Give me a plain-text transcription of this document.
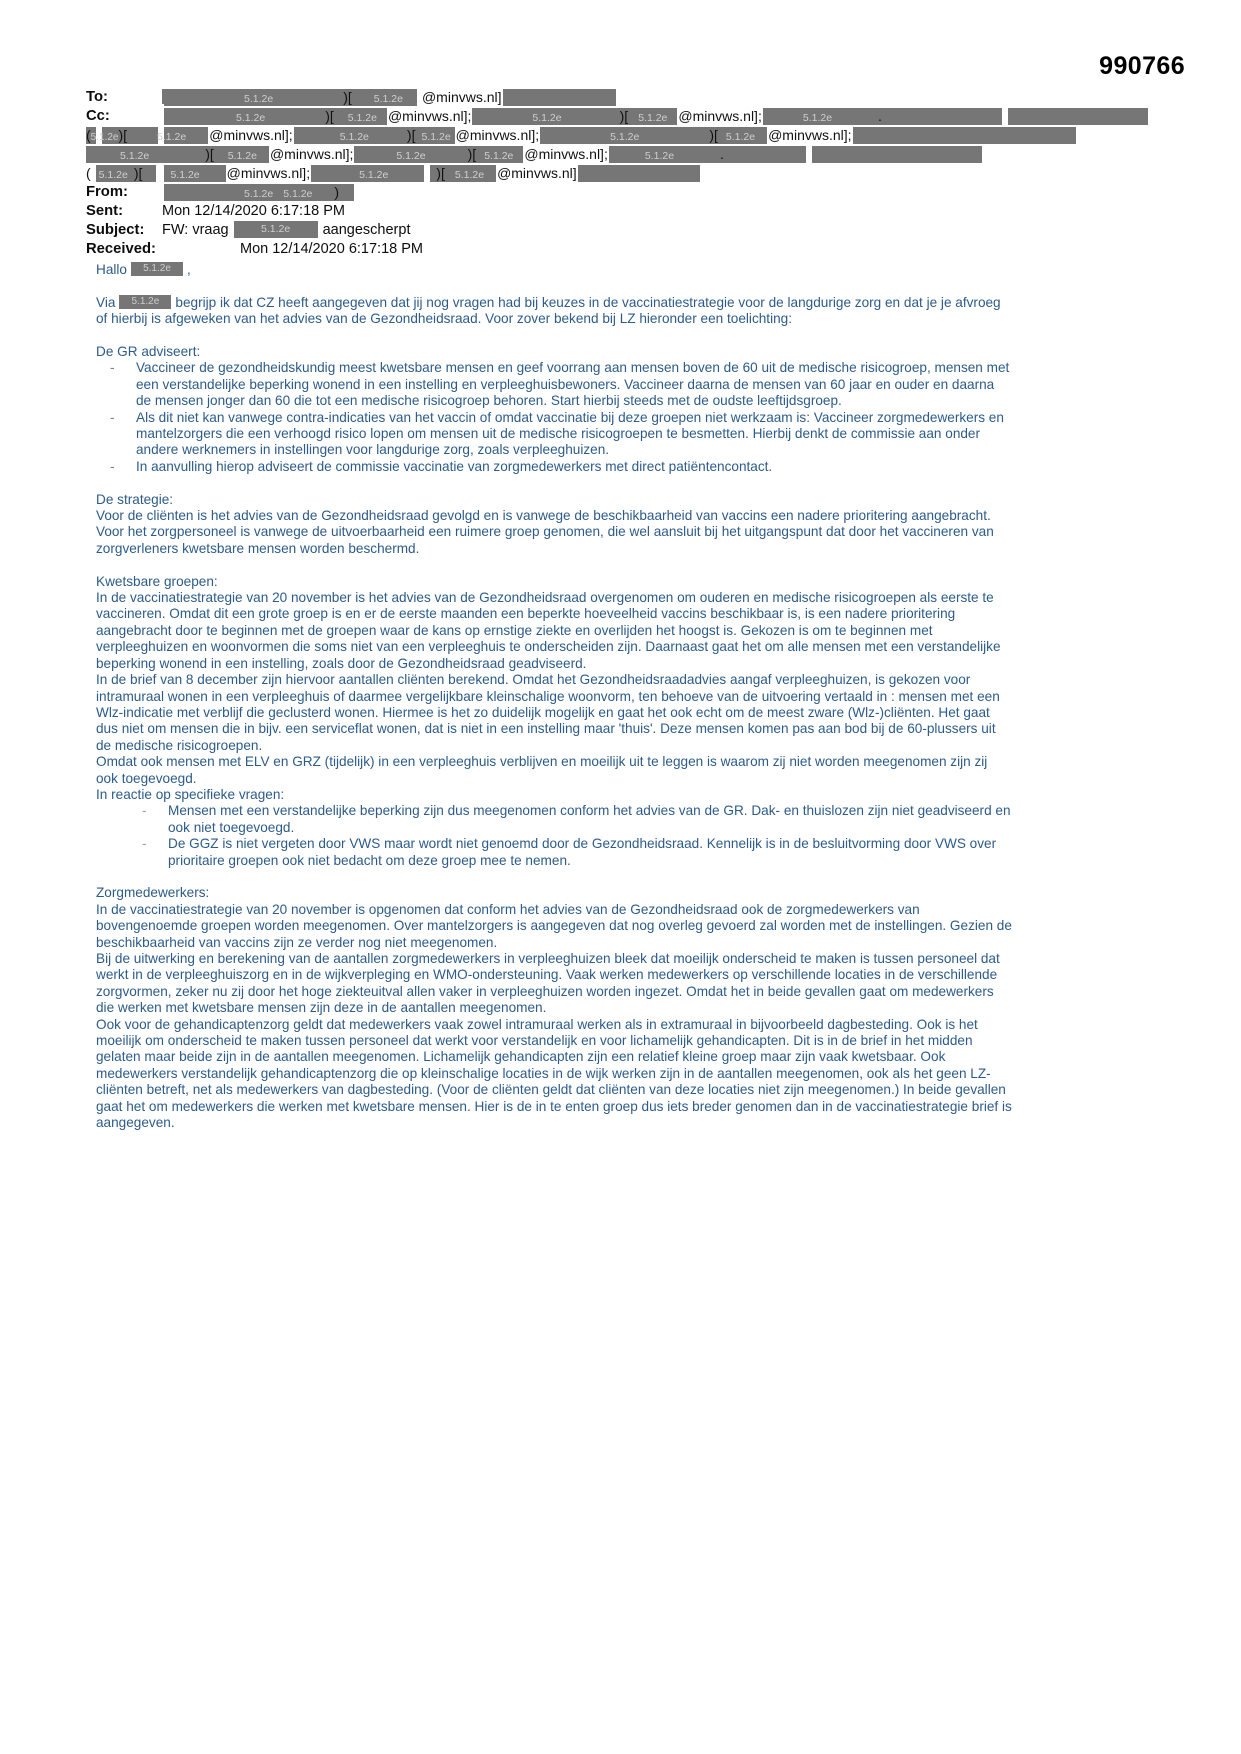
990766
To:	5.1.2e	)[ 5.1.2e @minvws.nl]
Cc:	5.1.2e	)[ 5.1.2e @minvws.nl];	5.1.2e	)[ 5.1.2e @minvws.nl];	5.1.2e	.
(5.1.2e)[	5.1.2e @minvws.nl];	5.1.2e	)[ 5.1.2e @minvws.nl];	5.1.2e	)[ 5.1.2e @minvws.nl];
5.1.2e	)[ 5.1.2e @minvws.nl];	5.1.2e	)[ 5.1.2e @minvws.nl];	5.1.2e	.
( 5.1.2e )[	5.1.2e @minvws.nl];	5.1.2e	)[ 5.1.2e @minvws.nl]
From:	5.1.2e 5.1.2e )
Sent:	Mon 12/14/2020 6:17:18 PM
Subject: FW: vraag	5.1.2e aangescherpt
Received:	Mon 12/14/2020 6:17:18 PM

Hallo 5.1.2e ,

Via 5.1.2e begrijp ik dat CZ heeft aangegeven dat jij nog vragen had bij keuzes in de vaccinatiestrategie voor de langdurige zorg en dat je je afvroeg of hierbij is afgeweken van het advies van de Gezondheidsraad. Voor zover bekend bij LZ hieronder een toelichting:

De GR adviseert:

- Vaccineer de gezondheidskundig meest kwetsbare mensen en geef voorrang aan mensen boven de 60 uit de medische risicogroep, mensen met een verstandelijke beperking wonend in een instelling en verpleeghuisbewoners. Vaccineer daarna de mensen van 60 jaar en ouder en daarna de mensen jonger dan 60 die tot een medische risicogroep behoren. Start hierbij steeds met de oudste leeftijdsgroep.
- Als dit niet kan vanwege contra-indicaties van het vaccin of omdat vaccinatie bij deze groepen niet werkzaam is: Vaccineer zorgmedewerkers en mantelzorgers die een verhoogd risico lopen om mensen uit de medische risicogroepen te besmetten. Hierbij denkt de commissie aan onder andere werknemers in instellingen voor langdurige zorg, zoals verpleeghuizen.
- In aanvulling hierop adviseert de commissie vaccinatie van zorgmedewerkers met direct patiëntencontact.

De strategie:

Voor de cliënten is het advies van de Gezondheidsraad gevolgd en is vanwege de beschikbaarheid van vaccins een nadere prioritering aangebracht.

Voor het zorgpersoneel is vanwege de uitvoerbaarheid een ruimere groep genomen, die wel aansluit bij het uitgangspunt dat door het vaccineren van zorgverleners kwetsbare mensen worden beschermd.

Kwetsbare groepen:

In de vaccinatiestrategie van 20 november is het advies van de Gezondheidsraad overgenomen om ouderen en medische risicogroepen als eerste te vaccineren. Omdat dit een grote groep is en er de eerste maanden een beperkte hoeveelheid vaccins beschikbaar is, is een nadere prioritering aangebracht door te beginnen met de groepen waar de kans op ernstige ziekte en overlijden het hoogst is. Gekozen is om te beginnen met verpleeghuizen en woonvormen die soms niet van een verpleeghuis te onderscheiden zijn. Daarnaast gaat het om alle mensen met een verstandelijke beperking wonend in een instelling, zoals door de Gezondheidsraad geadviseerd.

In de brief van 8 december zijn hiervoor aantallen cliënten berekend. Omdat het Gezondheidsraadadvies aangaf verpleeghuizen, is gekozen voor intramuraal wonen in een verpleeghuis of daarmee vergelijkbare kleinschalige woonvorm, ten behoeve van de uitvoering vertaald in : mensen met een Wlz-indicatie met verblijf die geclusterd wonen. Hiermee is het zo duidelijk mogelijk en gaat het ook echt om de meest zware (Wlz-)cliënten. Het gaat dus niet om mensen die in bijv. een serviceflat wonen, dat is niet in een instelling maar 'thuis'. Deze mensen komen pas aan bod bij de 60-plussers uit de medische risicogroepen.

Omdat ook mensen met ELV en GRZ (tijdelijk) in een verpleeghuis verblijven en moeilijk uit te leggen is waarom zij niet worden meegenomen zijn zij ook toegevoegd.

In reactie op specifieke vragen:

- Mensen met een verstandelijke beperking zijn dus meegenomen conform het advies van de GR. Dak- en thuislozen zijn niet geadviseerd en ook niet toegevoegd.
- De GGZ is niet vergeten door VWS maar wordt niet genoemd door de Gezondheidsraad. Kennelijk is in de besluitvorming door VWS over prioritaire groepen ook niet bedacht om deze groep mee te nemen.

Zorgmedewerkers:

In de vaccinatiestrategie van 20 november is opgenomen dat conform het advies van de Gezondheidsraad ook de zorgmedewerkers van bovengenoemde groepen worden meegenomen. Over mantelzorgers is aangegeven dat nog overleg gevoerd zal worden met de instellingen. Gezien de beschikbaarheid van vaccins zijn ze verder nog niet meegenomen.

Bij de uitwerking en berekening van de aantallen zorgmedewerkers in verpleeghuizen bleek dat moeilijk onderscheid te maken is tussen personeel dat werkt in de verpleeghuiszorg en in de wijkverpleging en WMO-ondersteuning. Vaak werken medewerkers op verschillende locaties in de verschillende zorgvormen, zeker nu zij door het hoge ziekteuitval allen vaker in verpleeghuizen worden ingezet. Omdat het in beide gevallen gaat om medewerkers die werken met kwetsbare mensen zijn deze in de aantallen meegenomen.

Ook voor de gehandicaptenzorg geldt dat medewerkers vaak zowel intramuraal werken als in extramuraal in bijvoorbeeld dagbesteding. Ook is het moeilijk om onderscheid te maken tussen personeel dat werkt voor verstandelijk en voor lichamelijk gehandicapten. Dit is in de brief in het midden gelaten maar beide zijn in de aantallen meegenomen. Lichamelijk gehandicapten zijn een relatief kleine groep maar zijn vaak kwetsbaar. Ook medewerkers verstandelijk gehandicaptenzorg die op kleinschalige locaties in de wijk werken zijn in de aantallen meegenomen, ook als het geen LZ-cliënten betreft, net als medewerkers van dagbesteding. (Voor de cliënten geldt dat cliënten van deze locaties niet zijn meegenomen.) In beide gevallen gaat het om medewerkers die werken met kwetsbare mensen. Hier is de in te enten groep dus iets breder genomen dan in de vaccinatiestrategie brief is aangegeven.
